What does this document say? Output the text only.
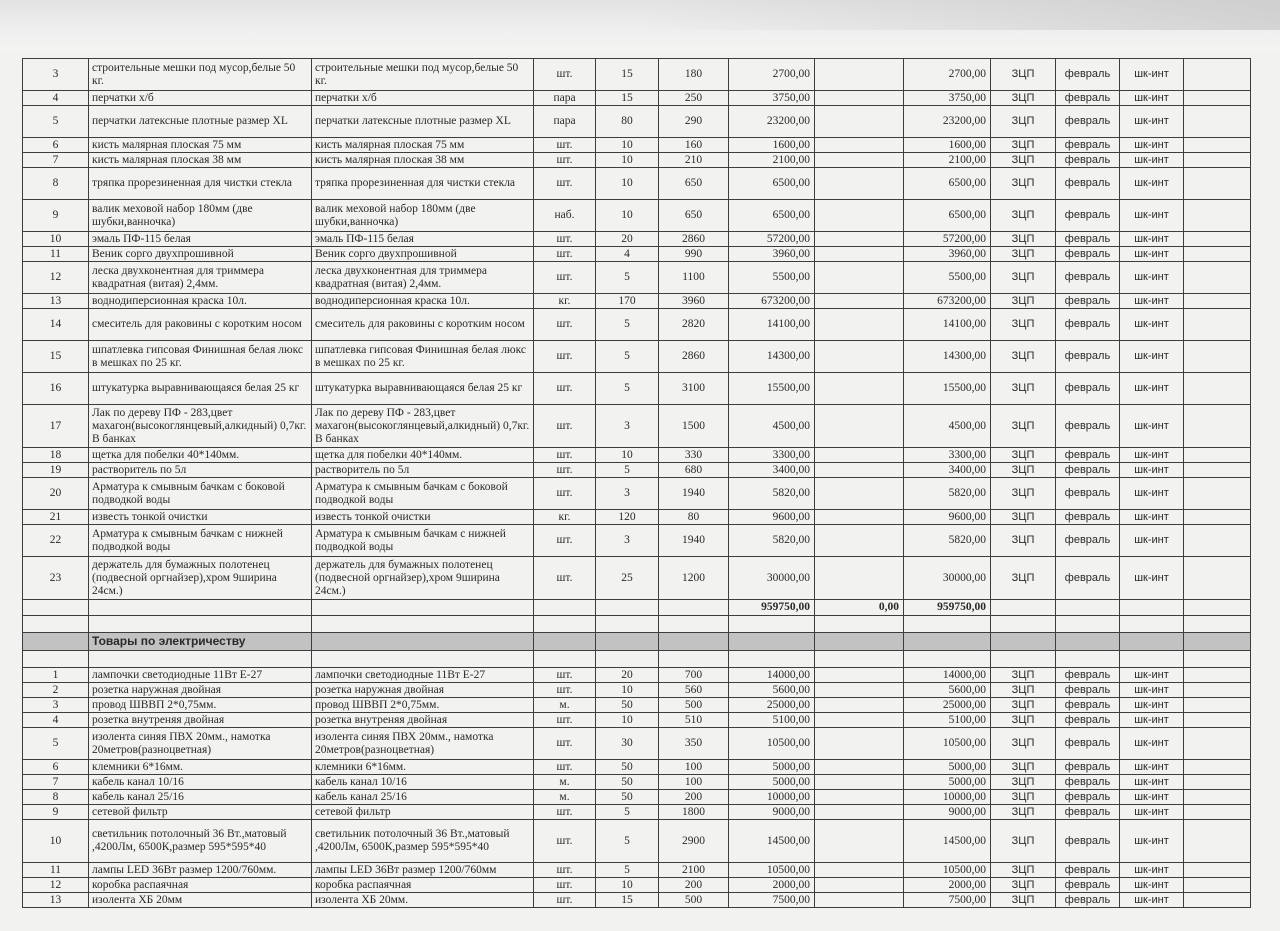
3	строительные мешки под мусор,белые 50 кг.	строительные мешки под мусор,белые 50 кг.	шт.	15	180	2700,00		2700,00	ЗЦП	февраль	шк-инт	
4	перчатки х/б	перчатки х/б	пара	15	250	3750,00		3750,00	ЗЦП	февраль	шк-инт	
5	перчатки латексные плотные размер XL	перчатки латексные плотные размер XL	пара	80	290	23200,00		23200,00	ЗЦП	февраль	шк-инт	
6	кисть малярная плоская 75 мм	кисть малярная плоская 75 мм	шт.	10	160	1600,00		1600,00	ЗЦП	февраль	шк-инт	
7	кисть малярная плоская 38 мм	кисть малярная плоская 38 мм	шт.	10	210	2100,00		2100,00	ЗЦП	февраль	шк-инт	
8	тряпка прорезиненная для чистки стекла	тряпка прорезиненная для чистки стекла	шт.	10	650	6500,00		6500,00	ЗЦП	февраль	шк-инт	
9	валик меховой набор 180мм (две шубки,ванночка)	валик меховой набор 180мм (две шубки,ванночка)	наб.	10	650	6500,00		6500,00	ЗЦП	февраль	шк-инт	
10	эмаль ПФ-115 белая	эмаль ПФ-115 белая	шт.	20	2860	57200,00		57200,00	ЗЦП	февраль	шк-инт	
11	Веник сорго двухпрошивной	Веник сорго двухпрошивной	шт.	4	990	3960,00		3960,00	ЗЦП	февраль	шк-инт	
12	леска двухконентная для триммера квадратная (витая) 2,4мм.	леска двухконентная для триммера квадратная (витая) 2,4мм.	шт.	5	1100	5500,00		5500,00	ЗЦП	февраль	шк-инт	
13	воднодиперсионная краска 10л.	воднодиперсионная краска 10л.	кг.	170	3960	673200,00		673200,00	ЗЦП	февраль	шк-инт	
14	смеситель для раковины с коротким носом	смеситель для раковины с коротким носом	шт.	5	2820	14100,00		14100,00	ЗЦП	февраль	шк-инт	
15	шпатлевка гипсовая Финишная белая люкс в мешках по 25 кг.	шпатлевка гипсовая Финишная белая люкс в мешках по 25 кг.	шт.	5	2860	14300,00		14300,00	ЗЦП	февраль	шк-инт	
16	штукатурка выравнивающаяся белая 25 кг	штукатурка выравнивающаяся белая 25 кг	шт.	5	3100	15500,00		15500,00	ЗЦП	февраль	шк-инт	
17	Лак по дереву ПФ - 283,цвет махагон(высокоглянцевый,алкидный) 0,7кг. В банках	Лак по дереву ПФ - 283,цвет махагон(высокоглянцевый,алкидный) 0,7кг. В банках	шт.	3	1500	4500,00		4500,00	ЗЦП	февраль	шк-инт	
18	щетка для побелки 40*140мм.	щетка для побелки 40*140мм.	шт.	10	330	3300,00		3300,00	ЗЦП	февраль	шк-инт	
19	растворитель по 5л	растворитель по 5л	шт.	5	680	3400,00		3400,00	ЗЦП	февраль	шк-инт	
20	Арматура к смывным бачкам с боковой подводкой воды	Арматура к смывным бачкам с боковой подводкой воды	шт.	3	1940	5820,00		5820,00	ЗЦП	февраль	шк-инт	
21	известь тонкой очистки	известь тонкой очистки	кг.	120	80	9600,00		9600,00	ЗЦП	февраль	шк-инт	
22	Арматура к смывным бачкам с нижней подводкой воды	Арматура к смывным бачкам с нижней подводкой воды	шт.	3	1940	5820,00		5820,00	ЗЦП	февраль	шк-инт	
23	держатель для бумажных полотенец (подвесной оргнайзер),хром 9ширина 24см.)	держатель для бумажных полотенец (подвесной оргнайзер),хром 9ширина 24см.)	шт.	25	1200	30000,00		30000,00	ЗЦП	февраль	шк-инт	
						959750,00	0,00	959750,00				

	Товары по электричеству											

1	лампочки светодиодные 11Вт Е-27	лампочки светодиодные 11Вт Е-27	шт.	20	700	14000,00		14000,00	ЗЦП	февраль	шк-инт	
2	розетка наружная двойная	розетка наружная двойная	шт.	10	560	5600,00		5600,00	ЗЦП	февраль	шк-инт	
3	провод ШВВП 2*0,75мм.	провод ШВВП 2*0,75мм.	м.	50	500	25000,00		25000,00	ЗЦП	февраль	шк-инт	
4	розетка внутреняя двойная	розетка внутреняя двойная	шт.	10	510	5100,00		5100,00	ЗЦП	февраль	шк-инт	
5	изолента синяя ПВХ 20мм., намотка 20метров(разноцветная)	изолента синяя ПВХ 20мм., намотка 20метров(разноцветная)	шт.	30	350	10500,00		10500,00	ЗЦП	февраль	шк-инт	
6	клемники 6*16мм.	клемники 6*16мм.	шт.	50	100	5000,00		5000,00	ЗЦП	февраль	шк-инт	
7	кабель канал 10/16	кабель канал 10/16	м.	50	100	5000,00		5000,00	ЗЦП	февраль	шк-инт	
8	кабель канал 25/16	кабель канал 25/16	м.	50	200	10000,00		10000,00	ЗЦП	февраль	шк-инт	
9	сетевой фильтр	сетевой фильтр	шт.	5	1800	9000,00		9000,00	ЗЦП	февраль	шк-инт	
10	светильник потолочный 36 Вт.,матовый ,4200Лм, 6500К,размер 595*595*40	светильник потолочный 36 Вт.,матовый ,4200Лм, 6500К,размер 595*595*40	шт.	5	2900	14500,00		14500,00	ЗЦП	февраль	шк-инт	
11	лампы LED 36Вт размер 1200/760мм.	лампы LED 36Вт размер 1200/760мм	шт.	5	2100	10500,00		10500,00	ЗЦП	февраль	шк-инт	
12	коробка распаячная	коробка распаячная	шт.	10	200	2000,00		2000,00	ЗЦП	февраль	шк-инт	
13	изолента ХБ 20мм	изолента ХБ 20мм.	шт.	15	500	7500,00		7500,00	ЗЦП	февраль	шк-инт	
